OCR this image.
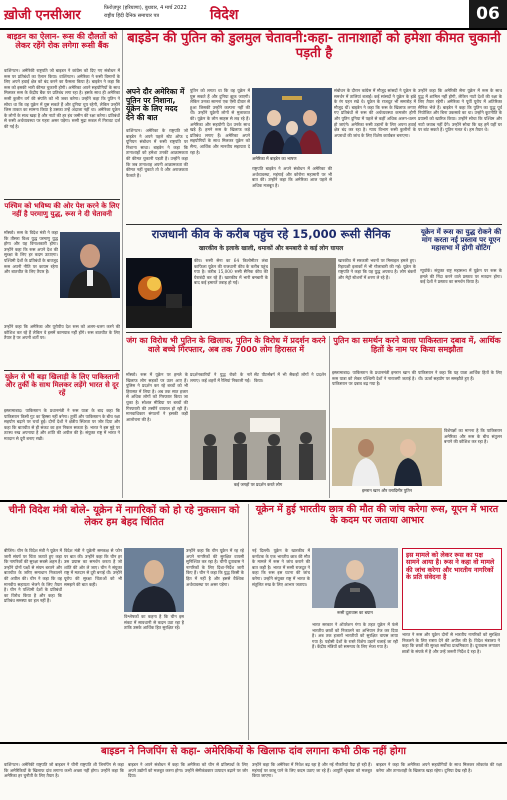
ख़ोजी एनसीआर	फ़िरोज़पुर (हरियाणा), बुधवार, 4 मार्च 2022
राष्ट्रीय हिंदी दैनिक समाचार पत्र	विदेश	06
बाइडन का ऐलान- रूस की दौलतों को लेकर रहेंगे रोक लगेगा रूसी बैंक
वाशिंगटन। अमेरिकी राष्ट्रपति जो बाइडन ने कांग्रेस को दिए गए संबोधन में रूस पर प्रतिबंधों का ऐलान किया। वाशिंगटन। अमेरिका ने रूसी विमानों के लिए अपने हवाई क्षेत्र को बंद करने का फैसला किया है। बाइडेन ने कहा कि रूस को इसकी भारी कीमत चुकानी होगी। अमेरिका अपने सहयोगियों के साथ मिलकर रूस के केंद्रीय बैंक पर प्रतिबंध लगा रहा है। इसके साथ ही अमेरिका रूसी कुलीन वर्ग की संपत्ति को भी जब्त करेगा। उन्होंने कहा कि पुतिन ने सोचा था कि वह यूक्रेन में घुस सकते हैं और दुनिया चुप रहेगी, लेकिन उन्होंने जिस ताकत का सामना किया है उसका उन्हें अंदाजा नहीं था। अमेरिका यूक्रेन के लोगों के साथ खड़ा है और नाटो की हर इंच जमीन की रक्षा करेगा। प्रतिबंधों से रूसी अर्थव्यवस्था पर गहरा असर पड़ेगा। रूसी मुद्रा रूबल में गिरावट दर्ज की गई है।
पश्चिम को भविष्य की ओर पेश करने के लिए नहीं है परमाणु युद्ध, रूस ने दी चेतावनी
मॉस्को। रूस के विदेश मंत्री ने कहा कि तीसरा विश्व युद्ध परमाणु युद्ध होगा और यह विनाशकारी होगा। उन्होंने कहा कि रूस अपने देश की सुरक्षा के लिए हर कदम उठाएगा। पश्चिमी देशों के प्रतिबंधों के बावजूद रूस अपनी नीति पर कायम रहेगा और बातचीत के लिए तैयार है।
उन्होंने कहा कि अमेरिका और यूरोपीय देश रूस को अलग-थलग करने की कोशिश कर रहे हैं लेकिन वे इसमें कामयाब नहीं होंगे। रूस बातचीत के लिए तैयार है पर अपनी शर्तों पर।
यूक्रेन से भी बड़ा खिलाड़ी के लिए पाकिस्तानी और तुर्की के साथ मिलकर लड़ेंगे भारत से दूर रहें
इस्लामाबाद। पाकिस्तान के प्रधानमंत्री ने रूस यात्रा के बाद कहा कि पाकिस्तान किसी गुट का हिस्सा नहीं बनेगा। तुर्की और पाकिस्तान के बीच रक्षा सहयोग बढ़ाने पर चर्चा हुई। दोनों देशों ने क्षेत्रीय स्थिरता पर जोर दिया और कहा कि बातचीत से ही संकट का हल निकल सकता है। भारत ने इस मुद्दे पर तटस्थ रुख अपनाया है और शांति की अपील की है। संयुक्त राष्ट्र में भारत ने मतदान से दूरी बनाए रखी।
बाइडेन की पुतिन को डुलमुल चेतावनी:कहा- तानाशाहों को हमेशा कीमत चुकानी पड़ती है
अपने दौर अमेरिका में पुतिन पर निशाना, यूक्रेन के लिए मदद देने की बात
वाशिंगटन। अमेरिका के राष्ट्रपति जो बाइडेन ने अपने पहले स्टेट ऑफ द यूनियन संबोधन में रूसी राष्ट्रपति पर निशाना साधा। बाइडेन ने कहा कि तानाशाहों को हमेशा उनकी आक्रामकता की कीमत चुकानी पड़ती है। उन्होंने कहा कि जब तानाशाह अपनी आक्रामकता की कीमत नहीं चुकाते तो वे और अराजकता फैलाते हैं।
पुतिन को लगता था कि वह यूक्रेन में घुस सकते हैं और दुनिया झुक जाएगी। लेकिन उनका सामना एक ऐसी दीवार से हुआ जिसकी उन्होंने कल्पना नहीं की थी। उन्होंने यूक्रेनी लोगों से मुलाकात की। यूक्रेन के लोग साहस से लड़ रहे हैं। अमेरिका और सहयोगी देश उनके साथ खड़े हैं। हमने रूस के खिलाफ कड़े प्रतिबंध लगाए हैं। अमेरिका अपने सहयोगियों के साथ मिलकर यूक्रेन को सैन्य, आर्थिक और मानवीय सहायता दे रहा है।
अमेरिका में बाइडेन का भाषण
राष्ट्रपति बाइडेन ने अपने संबोधन में अमेरिका की अर्थव्यवस्था, महंगाई और कोरोना महामारी पर भी बात की। उन्होंने कहा कि अमेरिका आज पहले से अधिक मजबूत है।
संबोधन के दौरान कांग्रेस में मौजूद सांसदों ने यूक्रेन के समर्थन में तालियां बजाईं। कई सांसदों ने यूक्रेन के झंडे के रंग पहन रखे थे। यूक्रेन के राजदूत भी समारोह में मौजूद थीं। बाइडेन ने कहा कि रूस के खिलाफ लगाए गए प्रतिबंधों से रूस की अर्थव्यवस्था कमजोर होगी और पुतिन दुनिया में पहले से कहीं अधिक अलग-थलग हो जाएंगे। अमेरिका रूसी उड़ानों के लिए अपना हवाई क्षेत्र बंद कर रहा है। न्याय विभाग रूसी कुलीनों के अपराधों की जांच के लिए विशेष कार्यबल बनाएगा।
उन्होंने कहा कि अमेरिकी सेना यूक्रेन में रूस के साथ युद्ध में शामिल नहीं होगी, लेकिन नाटो देशों की रक्षा के लिए तैयार रहेगी। अमेरिका ने पूर्वी यूरोप में अतिरिक्त सैनिक भेजे हैं। बाइडेन ने कहा कि पुतिन का युद्ध पूर्व नियोजित और बिना उकसावे का था। उन्होंने कूटनीति के प्रयासों को खारिज किया। उन्होंने सोचा कि पश्चिम और नाटो जवाब नहीं देंगे। उन्होंने सोचा कि वह हमें यहीं घर पर बांट सकते हैं। पुतिन गलत थे। हम तैयार थे।
राजधानी कीव के करीब पहुंच रहे 15,000 रूसी सैनिक
खारकीव के इलाके खाली, धमाकों और बमबारी से कई लोग घायल
कीव। रूसी सेना का 64 किलोमीटर लंबा काफिला यूक्रेन की राजधानी कीव के करीब पहुंच गया है। करीब 15,000 रूसी सैनिक कीव की घेराबंदी कर रहे हैं। खारकीव में भारी बमबारी के बाद कई इमारतें तबाह हो गईं।
खारकीव में सरकारी भवनों पर मिसाइल हमले हुए। रिहायशी इलाकों में भी गोलाबारी की गई। यूक्रेन के राष्ट्रपति ने कहा कि यह युद्ध अपराध है। लोग बंकरों और मेट्रो स्टेशनों में शरण ले रहे हैं।
यूक्रेन में रूस का युद्ध रोकने की मांग करता नई प्रस्ताव पर यूएन महासभा में होगी वोटिंग
न्यूयॉर्क। संयुक्त राष्ट्र महासभा में यूक्रेन पर रूस के हमले की निंदा करने वाले प्रस्ताव पर मतदान होगा। कई देशों ने प्रस्ताव का समर्थन किया है।
जंग का विरोध भी पुतिन के खिलाफ, पुतिन के विरोध में प्रदर्शन करने वाले बच्चे गिरफ्तार, अब तक 7000 लोग हिरासत में
मॉस्को। रूस में यूक्रेन पर हमले के खिलाफ लोग सड़कों पर उतर आए हैं। पुलिस ने प्रदर्शन कर रहे बच्चों को भी हिरासत में लिया है। अब तक सात हजार से अधिक लोगों को गिरफ्तार किया जा चुका है। सोशल मीडिया पर बच्चों की गिरफ्तारी की तस्वीरें वायरल हो रही हैं। मानवाधिकार संगठनों ने इसकी कड़ी आलोचना की है।
प्रदर्शनकारियों ने युद्ध रोको के नारे लगाए। कई शहरों में रैलियां निकाली गईं।
कई जगहों पर प्रदर्शन करते लोग
सेंट पीटर्सबर्ग में भी सैकड़ों लोगों ने प्रदर्शन किया।
पुतिन का समर्थन करने वाला पाकिस्तान दबाव में, आर्थिक हितों के नाम पर किया समझौता
इस्लामाबाद। पाकिस्तान के प्रधानमंत्री इमरान खान की रूस यात्रा को लेकर पश्चिमी देशों ने नाराजगी जताई है। पाकिस्तान पर दबाव बढ़ गया है।
पाकिस्तान ने कहा कि यह यात्रा आर्थिक हितों के लिए थी। ऊर्जा सहयोग पर समझौते हुए हैं।
इमरान खान और व्लादिमीर पुतिन
विशेषज्ञों का मानना है कि पाकिस्तान अमेरिका और रूस के बीच संतुलन बनाने की कोशिश कर रहा है।
चीनी विदेश मंत्री बोले- यूक्रेन में नागरिकों को हो रहे नुकसान को लेकर हम बेहद चिंतित
बीजिंग। चीन के विदेश मंत्री ने यूक्रेन में जारी संघर्ष पर चिंता जताते हुए कहा कि नागरिकों की सुरक्षा सबसे अहम है। उन्होंने दोनों पक्षों से संयम बरतने और बातचीत के जरिए समाधान निकालने की अपील की। चीन ने कहा कि वह मानवीय सहायता भेजने के लिए तैयार है। चीन ने पश्चिमी देशों के प्रतिबंधों का विरोध किया है और कहा कि प्रतिबंध समस्या का हल नहीं हैं।
विदेश मंत्री ने यूक्रेनी समकक्ष से फोन पर बात की। उन्होंने कहा कि चीन हर उस प्रयास का समर्थन करता है जो शांति की ओर ले जाए। चीन ने संयुक्त राष्ट्र में मतदान से दूरी बनाई थी। उन्होंने यूरोप की सुरक्षा चिंताओं को भी समझने की बात कही।
उन्होंने कहा कि चीन यूक्रेन में रह रहे अपने नागरिकों की सुरक्षित वापसी सुनिश्चित कर रहा है। चीनी दूतावास ने नागरिकों के लिए दिशा-निर्देश जारी किए हैं। चीन ने कहा कि युद्ध किसी के हित में नहीं है और इससे वैश्विक अर्थव्यवस्था पर असर पड़ेगा।
विश्लेषकों का कहना है कि चीन इस संकट में सावधानी से कदम उठा रहा है ताकि उसके आर्थिक हित सुरक्षित रहें।
यूक्रेन में हुई भारतीय छात्र की मौत की जांच करेगा रूस, यूएन में भारत के कदम पर जताया आभार
नई दिल्ली। यूक्रेन के खारकीव में कर्नाटक के एक भारतीय छात्र की मौत के मामले में रूस ने जांच कराने की बात कही है। भारत में रूसी राजदूत ने कहा कि रूस इस घटना की जांच करेगा। उन्होंने संयुक्त राष्ट्र में भारत के संतुलित रुख के लिए आभार जताया।
रूसी दूतावास का बयान
भारत सरकार ने ऑपरेशन गंगा के तहत यूक्रेन में फंसे भारतीय छात्रों को निकालने का अभियान तेज कर दिया है। अब तक हजारों भारतीयों को सुरक्षित वापस लाया गया है। पड़ोसी देशों के रास्ते विशेष उड़ानें चलाई जा रही हैं। केंद्रीय मंत्रियों को समन्वय के लिए भेजा गया है।
इस मामले को लेकर रूस का पक्ष सामने आया है। रूस ने कहा वो मामले की जांच करेगा और भारतीय नागरिकों के प्रति संवेदना है
भारत ने रूस और यूक्रेन दोनों से भारतीय नागरिकों को सुरक्षित निकलने के लिए रास्ता देने की अपील की है। विदेश मंत्रालय ने कहा कि छात्रों की सुरक्षा सर्वोच्च प्राथमिकता है। दूतावास लगातार छात्रों के संपर्क में है और उन्हें जरूरी निर्देश दे रहा है।
बाइडन ने निजपिंग से कहा- अमेरिकियों के खिलाफ दांव लगाना कभी ठीक नहीं होगा
वाशिंगटन। अमेरिकी राष्ट्रपति जो बाइडन ने चीनी राष्ट्रपति शी जिनपिंग से कहा कि अमेरिकियों के खिलाफ दांव लगाना कभी अच्छा नहीं होगा। उन्होंने कहा कि अमेरिका हर चुनौती के लिए तैयार है।
बाइडन ने अपने संबोधन में कहा कि अमेरिका को चीन से प्रतिस्पर्धा के लिए अपने उद्योगों को मजबूत करना होगा। उन्होंने सेमीकंडक्टर उत्पादन बढ़ाने पर जोर दिया।
उन्होंने कहा कि अमेरिका में निवेश बढ़ रहा है और नई नौकरियां पैदा हो रही हैं। महंगाई पर काबू पाने के लिए कदम उठाए जा रहे हैं। आपूर्ति श्रृंखला को मजबूत किया जाएगा।
बाइडन ने कहा कि अमेरिका अपने सहयोगियों के साथ मिलकर लोकतंत्र की रक्षा करेगा और तानाशाही के खिलाफ खड़ा रहेगा। दुनिया देख रही है।
